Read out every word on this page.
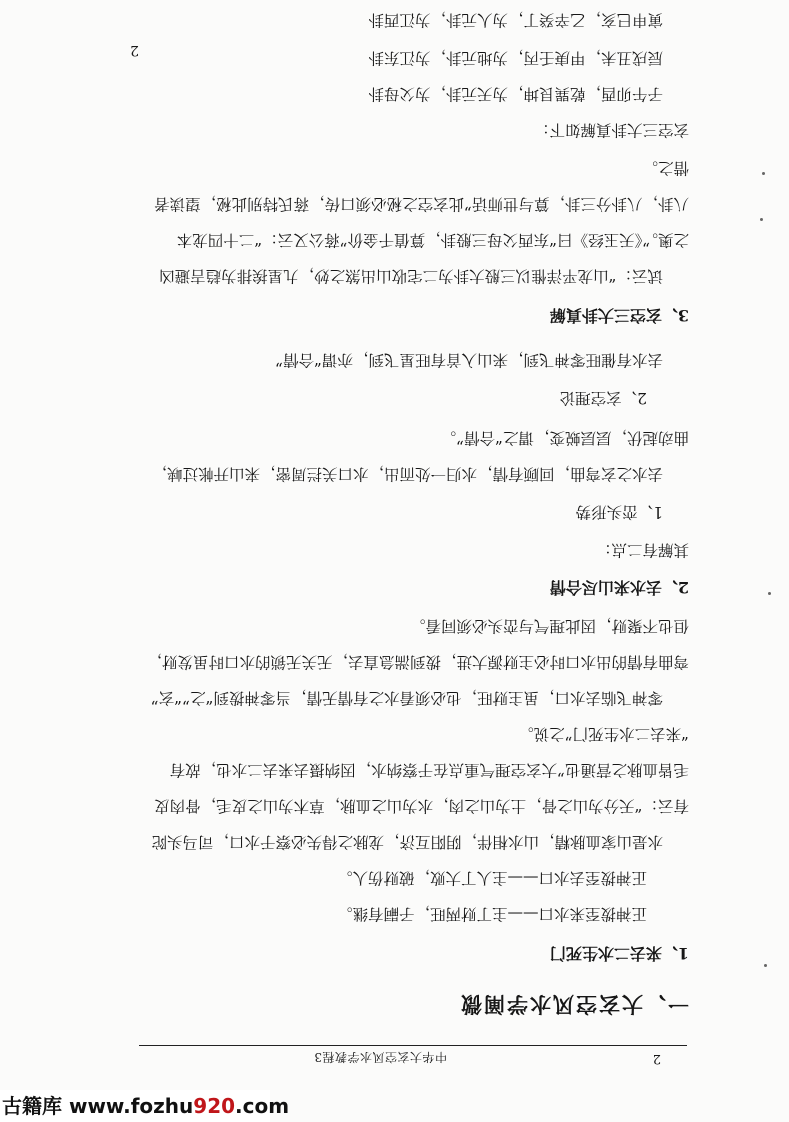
2
中华大玄空风水学教程3
一、大玄空风水学阐微
1、来去二水生死门
正神拨至来水口——主丁财两旺，子嗣有继。
正神拨至去水口——主人丁大败，破财伤人。
水是山家血脉精，山水相伴，阴阳互济，龙脉之得失必察于水口，司马头陀
有云：“天分为山之骨，土为山之肉，水为山之血脉，草木为山之皮毛，骨肉皮
毛皆血脉之营通也”大玄空理气重点在于察纳水，因纳摄去来去二水也，故有
“来去二水生死门”之说。
零神飞临去水口，虽主财旺，也必须看水之有情无情，当零神拨到“之”“玄”
弯曲有情的出水口时必主财源大进，拨到湍急直去，无关无锁的水口时虽发财，
但也不聚财，因此理气与峦头必须同看。
2、去水来山尽合情
其解有二点：
1、峦头形势
去水之玄弯曲，回顾有情，水归一处而出，水口关拦周密，来山开帐过峡，
曲动起伏，层层蜕变，谓之“合情”。
2、玄空理论
去水有催旺零神飞到，来山入首有旺星飞到，亦谓“合情”
3、玄空三大卦真解
试云：“山龙平洋惟以三般大卦为二宅收山出煞之妙，九星挨排为趋吉避凶
之奥。”《天玉经》曰“东西父母三般卦，算值千金价”蒋公又云：“二十四龙本
八卦，八卦分三卦，算与世师话”此玄空之秘必须口传，蒋氏特别此秘，望读者
惜之。
玄空三大卦真解如下：
子午卯酉，乾巽艮坤，为天元卦，为父母卦
辰戌丑未，甲庚壬丙，为地元卦，为江东卦
寅申巳亥，乙辛癸丁，为人元卦，为江西卦
2
古籍库 www.fozhu920.com
